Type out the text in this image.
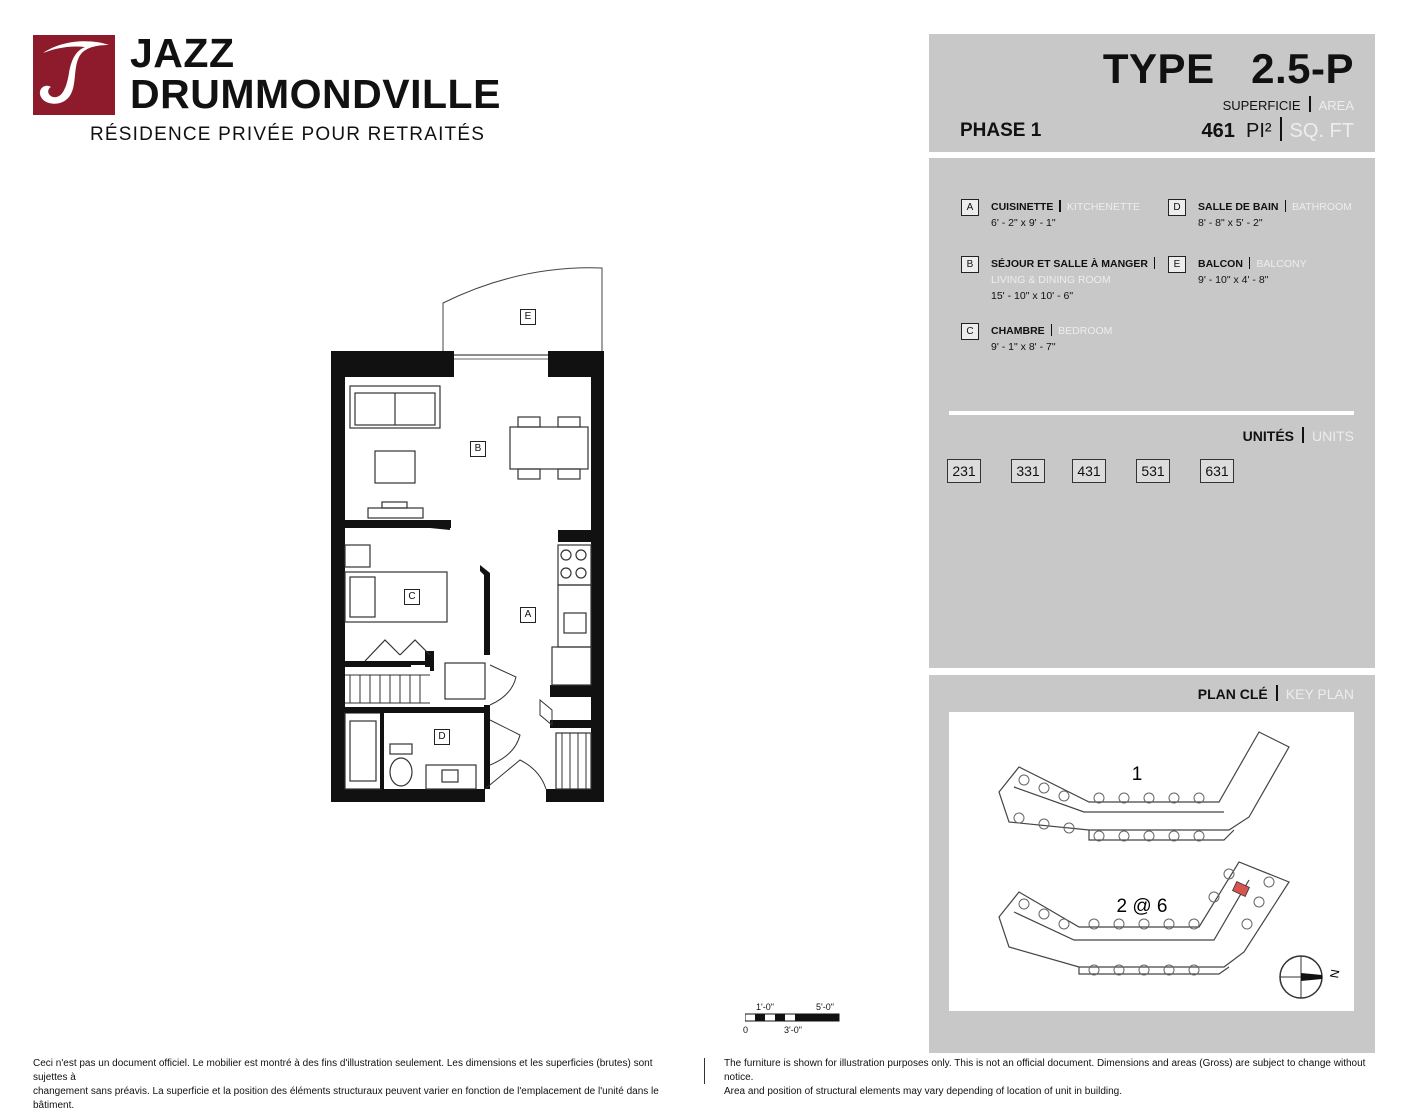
JAZZ
DRUMMONDVILLE
RÉSIDENCE PRIVÉE POUR RETRAITÉS
TYPE 2.5-P
SUPERFICIE AREA
PHASE 1	461 PI² SQ. FT
A	CUISINETTE KITCHENETTE
6' - 2" x 9' - 1"
B	SÉJOUR ET SALLE À MANGER
LIVING & DINING ROOM
15' - 10" x 10' - 6"
C	CHAMBRE BEDROOM
9' - 1" x 8' - 7"
D	SALLE DE BAIN BATHROOM
8' - 8" x 5' - 2"
E	BALCON BALCONY
9' - 10" x 4' - 8"
UNITÉS UNITS
231	331	431	531	631
PLAN CLÉ KEY PLAN
1
2 @ 6
N
E
B
C
A
D
1'-0"	5'-0"
0	3'-0"
Ceci n'est pas un document officiel. Le mobilier est montré à des fins d'illustration seulement. Les dimensions et les superficies (brutes) sont sujettes à
changement sans préavis. La superficie et la position des éléments structuraux peuvent varier en fonction de l'emplacement de l'unité dans le bâtiment.
The furniture is shown for illustration purposes only. This is not an official document. Dimensions and areas (Gross) are subject to change without notice.
Area and position of structural elements may vary depending of location of unit in building.
